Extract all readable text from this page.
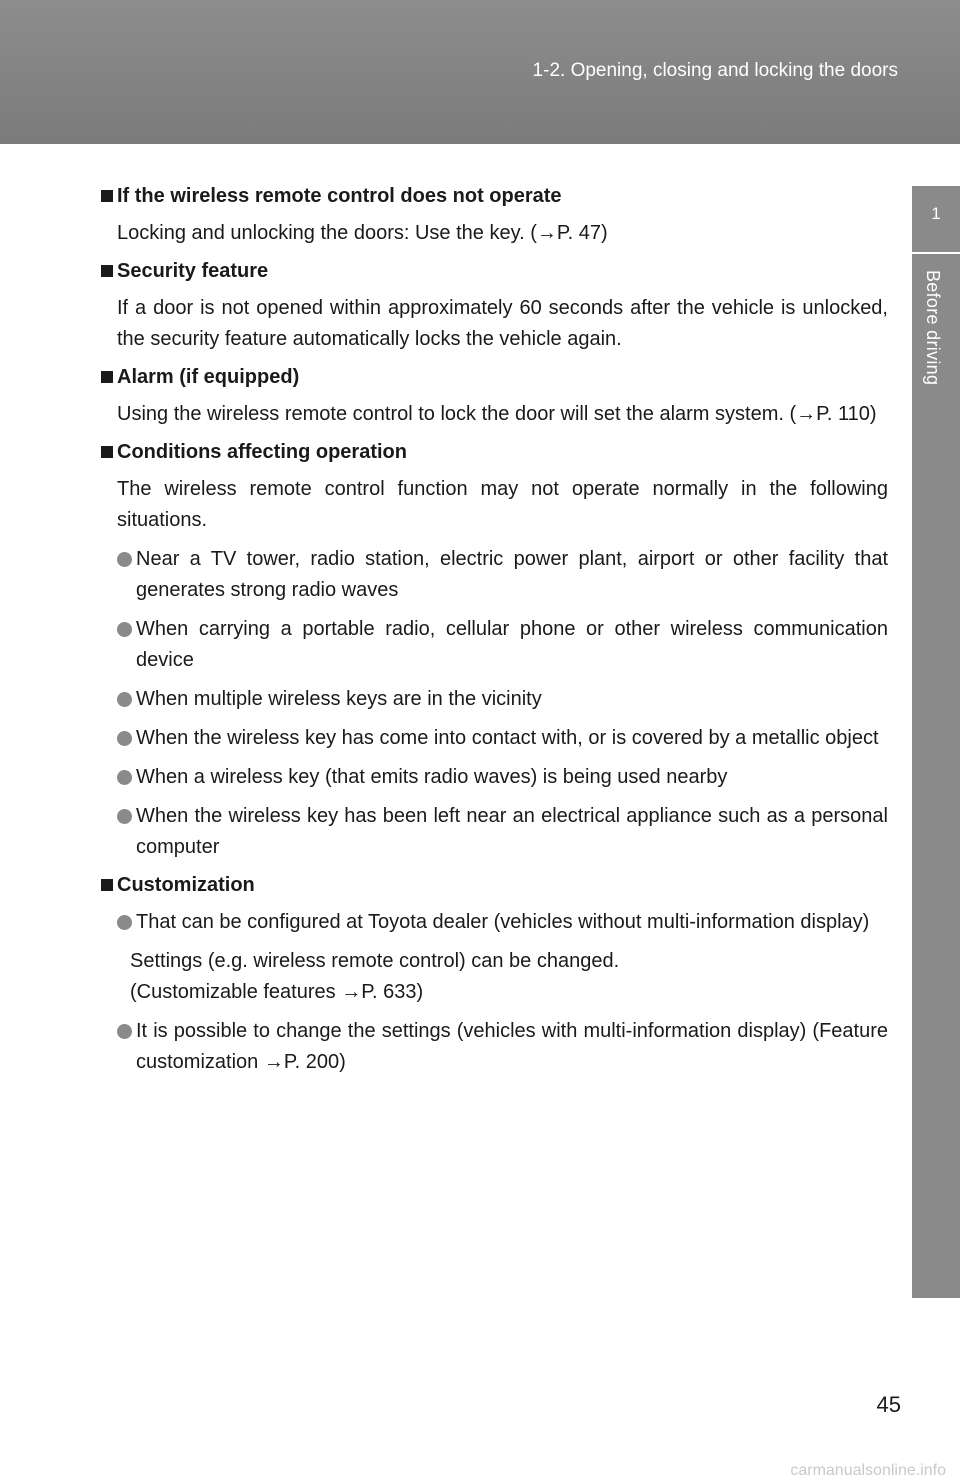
1-2. Opening, closing and locking the doors
1
Before driving
If the wireless remote control does not operate
Locking and unlocking the doors: Use the key. (→P. 47)
Security feature
If a door is not opened within approximately 60 seconds after the vehicle is unlocked, the security feature automatically locks the vehicle again.
Alarm (if equipped)
Using the wireless remote control to lock the door will set the alarm system. (→P. 110)
Conditions affecting operation
The wireless remote control function may not operate normally in the following situations.
Near a TV tower, radio station, electric power plant, airport or other facility that generates strong radio waves
When carrying a portable radio, cellular phone or other wireless communication device
When multiple wireless keys are in the vicinity
When the wireless key has come into contact with, or is covered by a metallic object
When a wireless key (that emits radio waves) is being used nearby
When the wireless key has been left near an electrical appliance such as a personal computer
Customization
That can be configured at Toyota dealer (vehicles without multi-information display)
Settings (e.g. wireless remote control) can be changed.
(Customizable features →P. 633)
It is possible to change the settings (vehicles with multi-information display) (Feature customization →P. 200)
45
carmanualsonline.info
